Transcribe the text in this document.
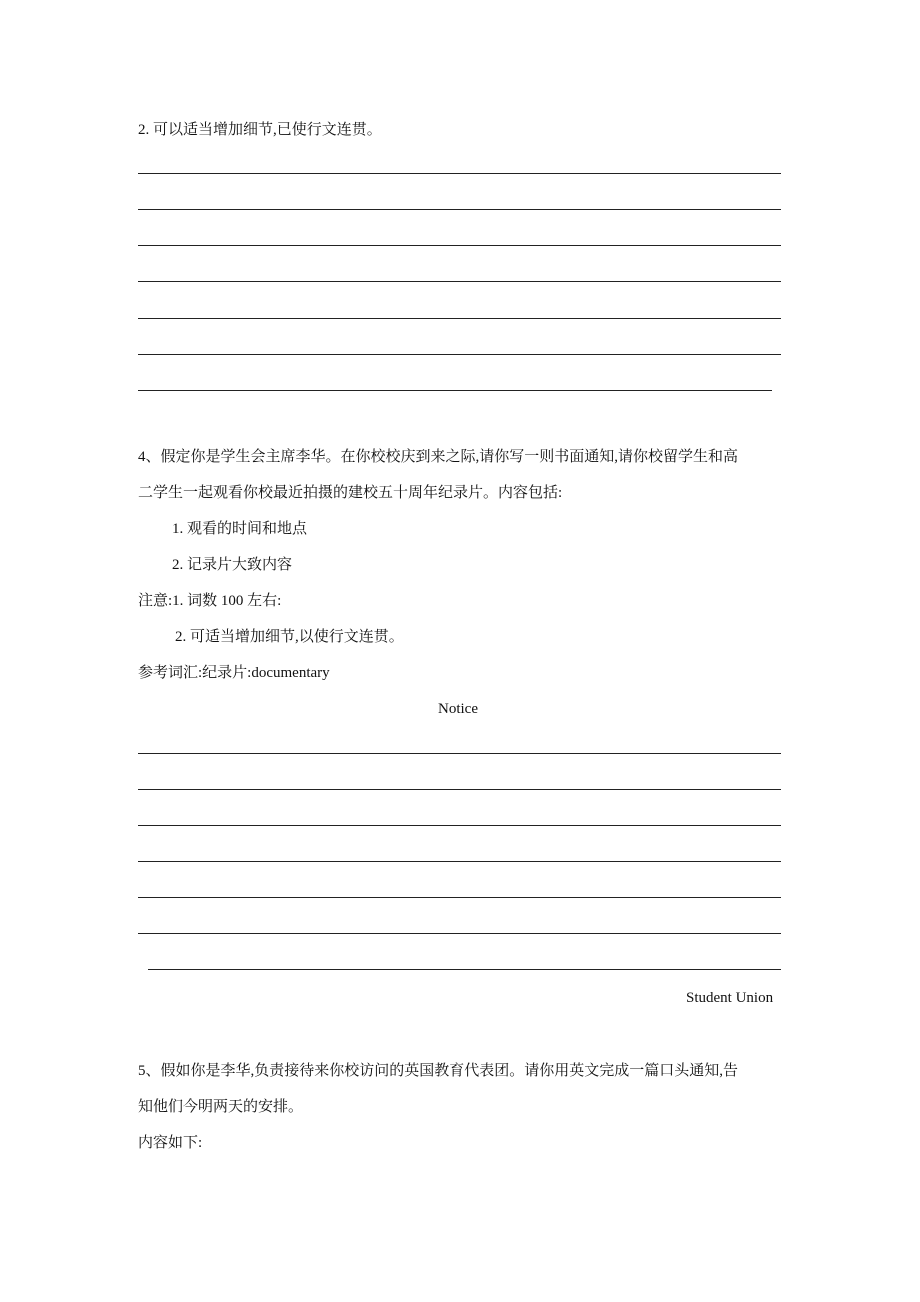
2. 可以适当增加细节,已使行文连贯。
4、假定你是学生会主席李华。在你校校庆到来之际,请你写一则书面通知,请你校留学生和高
二学生一起观看你校最近拍摄的建校五十周年纪录片。内容包括:
1. 观看的时间和地点
2. 记录片大致内容
注意:1. 词数 100 左右:
2. 可适当增加细节,以使行文连贯。
参考词汇:纪录片:documentary
Notice
Student Union
5、假如你是李华,负责接待来你校访问的英国教育代表团。请你用英文完成一篇口头通知,告
知他们今明两天的安排。
内容如下:
